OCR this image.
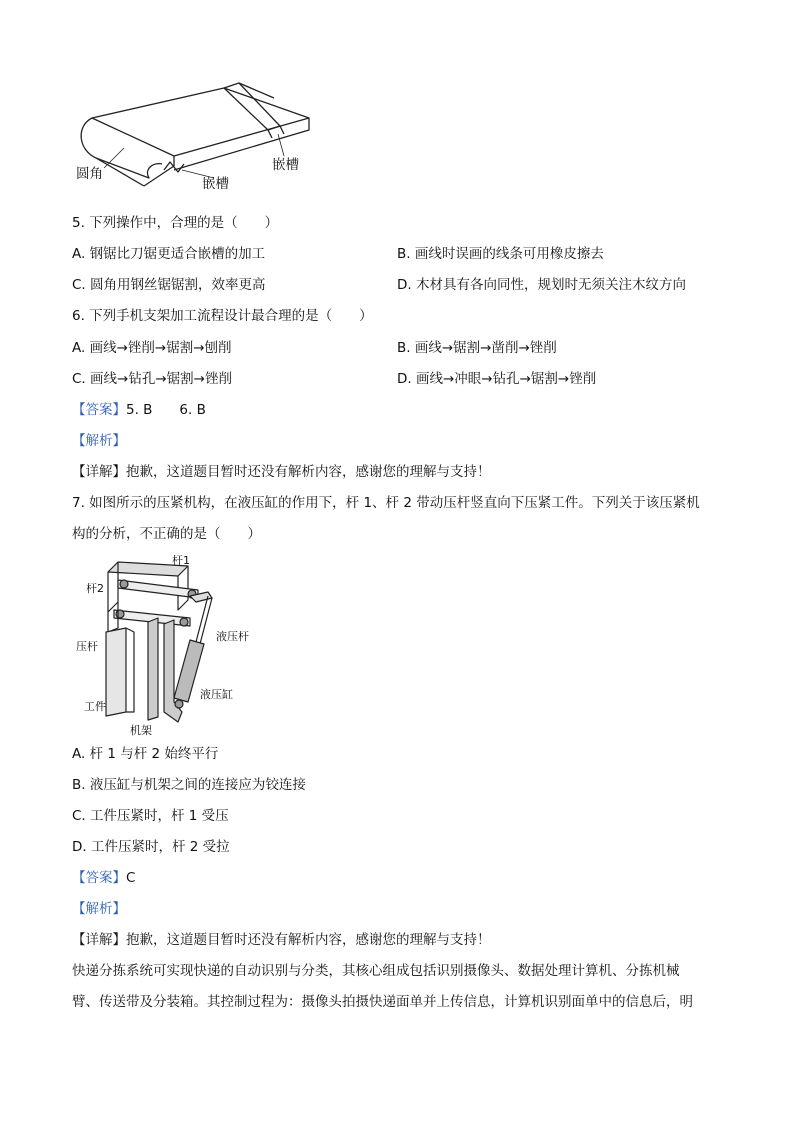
圆角
嵌槽
嵌槽
5. 下列操作中，合理的是（　　）
A. 钢锯比刀锯更适合嵌槽的加工	B. 画线时误画的线条可用橡皮擦去
C. 圆角用钢丝锯锯割，效率更高	D. 木材具有各向同性，规划时无须关注木纹方向
6. 下列手机支架加工流程设计最合理的是（　　）
A. 画线→锉削→锯割→刨削	B. 画线→锯割→凿削→锉削
C. 画线→钻孔→锯割→锉削	D. 画线→冲眼→钻孔→锯割→锉削
【答案】5. B　　6. B
【解析】
【详解】抱歉，这道题目暂时还没有解析内容，感谢您的理解与支持！
7. 如图所示的压紧机构，在液压缸的作用下，杆 1、杆 2 带动压杆竖直向下压紧工件。下列关于该压紧机
构的分析，不正确的是（　　）
杆1
杆2
压杆
液压杆
液压缸
工件
机架
A. 杆 1 与杆 2 始终平行
B. 液压缸与机架之间的连接应为铰连接
C. 工件压紧时，杆 1 受压
D. 工件压紧时，杆 2 受拉
【答案】C
【解析】
【详解】抱歉，这道题目暂时还没有解析内容，感谢您的理解与支持！
快递分拣系统可实现快递的自动识别与分类，其核心组成包括识别摄像头、数据处理计算机、分拣机械
臂、传送带及分装箱。其控制过程为：摄像头拍摄快递面单并上传信息，计算机识别面单中的信息后，明
